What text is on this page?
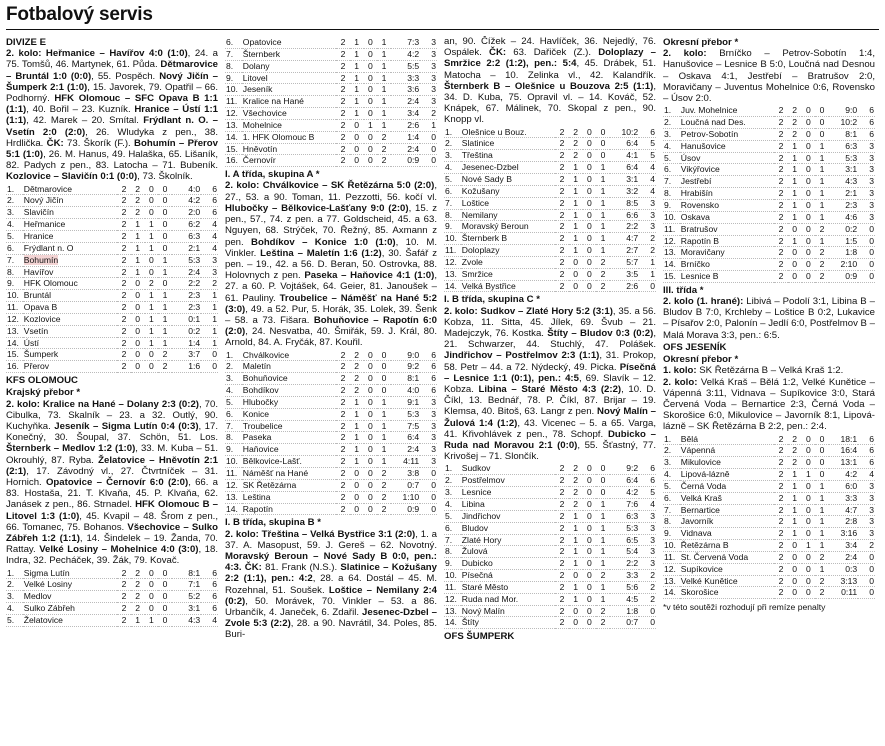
Fotbalový servis

DIVIZE E

2. kolo: Heřmanice – Havířov 4:0 (1:0), 24. a 75. Tomšů, 46. Martynek, 61. Půda. Dětmarovice – Bruntál 1:0 (0:0), 55. Pospěch. Nový Jičín – Šumperk 2:1 (1:0), 15. Javorek, 79. Opatřil – 66. Podhorný. HFK Olomouc – SFC Opava B 1:1 (1:1), 40. Bořil – 23. Kuzník. Hranice – Ústí 1:1 (1:1), 42. Marek – 20. Smítal. Frýdlant n. O. – Vsetín 2:0 (2:0), 26. Wludyka z pen., 38. Hrdlička. ČK: 73. Škorík (F.). Bohumín – Přerov 5:1 (1:0), 26. M. Hanus, 49. Halaška, 65. Lišaník, 82. Padych z pen., 83. Latocha – 71. Bubeník. Kozlovice – Slavičín 0:1 (0:0), 73. Školník.

1.	Dětmarovice	2	2	0	0	4:0	6
2.	Nový Jičín	2	2	0	0	4:2	6
3.	Slavičín	2	2	0	0	2:0	6
4.	Heřmanice	2	1	1	0	6:2	4
5.	Hranice	2	1	1	0	6:3	4
6.	Frýdlant n. O	2	1	1	0	2:1	4
7.	Bohumín	2	1	0	1	5:3	3
8.	Havířov	2	1	0	1	2:4	3
9.	HFK Olomouc	2	0	2	0	2:2	2
10.	Bruntál	2	0	1	1	2:3	1
11.	Opava B	2	0	1	1	2:3	1
12.	Kozlovice	2	0	1	1	0:1	1
13.	Vsetín	2	0	1	1	0:2	1
14.	Ústí	2	0	1	1	1:4	1
15.	Šumperk	2	0	0	2	3:7	0
16.	Přerov	2	0	0	2	1:6	0

KFS OLOMOUC

Krajský přebor *

2. kolo: Kralice na Hané – Dolany 2:3 (0:2), 70. Cibulka, 73. Skalník – 23. a 32. Outlý, 90. Kuchyňka. Jeseník – Sigma Lutín 0:4 (0:3), 17. Konečný, 30. Šoupal, 37. Schön, 51. Los. Šternberk – Medlov 1:2 (1:0), 33. M. Kuba – 51. Okrouhlý, 87. Ryba. Želatovice – Hněvotín 2:1 (2:1), 17. Závodný vl., 27. Čtvrtníček – 31. Hornich. Opatovice – Černovír 6:0 (2:0), 66. a 83. Hostaša, 21. T. Klvaňa, 45. P. Klvaňa, 62. Janásek z pen., 86. Strnadel. HFK Olomouc B – Litovel 1:3 (1:0), 45. Kvapil – 48. Šrom z pen., 66. Tomanec, 75. Bohanos. Všechovice – Sulko Zábřeh 1:2 (1:1), 14. Šindelek – 19. Žanda, 70. Rattay. Velké Losiny – Mohelnice 4:0 (3:0), 18. Indra, 32. Pecháček, 39. Žák, 79. Kovač.

1.	Sigma Lutín	2	2	0	0	8:1	6
2.	Velké Losiny	2	2	0	0	7:1	6
3.	Medlov	2	2	0	0	5:2	6
4.	Sulko Zábřeh	2	2	0	0	3:1	6
5.	Želatovice	2	1	1	0	4:3	4
6.	Opatovice	2	1	0	1	7:3	3
7.	Šternberk	2	1	0	1	4:2	3
8.	Dolany	2	1	0	1	5:5	3
9.	Litovel	2	1	0	1	3:3	3
10.	Jeseník	2	1	0	1	3:6	3
11.	Kralice na Hané	2	1	0	1	2:4	3
12.	Všechovice	2	1	0	1	3:4	2
13.	Mohelnice	2	0	1	1	2:6	1
14.	1. HFK Olomouc B	2	0	0	2	1:4	0
15.	Hněvotín	2	0	0	2	2:4	0
16.	Černovír	2	0	0	2	0:9	0

I. A třída, skupina A *

2. kolo: Chválkovice – SK Řetězárna 5:0 (2:0), 27., 53. a 90. Toman, 11. Pezzotti, 56. kočí vl. Hlubočky – Bělkovice-Lašťany 9:0 (2:0), 15. z pen., 57., 74. z pen. a 77. Goldscheid, 45. a 63. Nguyen, 68. Strýček, 70. Řežný, 85. Axmann z pen. Bohdíkov – Konice 1:0 (1:0), 10. M. Vinkler. Leština – Maletín 1:6 (1:2), 30. Šafář z pen. – 19., 42. a 56. D. Beran, 50. Ostrovka, 88. Holovnych z pen. Paseka – Haňovice 4:1 (1:0), 27. a 60. P. Vojtášek, 64. Geier, 81. Janoušek – 61. Pauliny. Troubelice – Náměšť na Hané 5:2 (3:0), 49. a 52. Pur, 5. Horák, 35. Lolek, 39. Šenk – 58. a 73. Fišara. Bohuňovice – Rapotín 6:0 (2:0), 24. Nesvatba, 40. Šmiřák, 59. J. Král, 80. Arnold, 84. A. Fryčák, 87. Kouřil.

1.	Chválkovice	2	2	0	0	9:0	6
2.	Maletín	2	2	0	0	9:2	6
3.	Bohuňovice	2	2	0	0	8:1	6
4.	Bohdíkov	2	2	0	0	4:0	6
5.	Hlubočky	2	1	0	1	9:1	3
6.	Konice	2	1	0	1	5:3	3
7.	Troubelice	2	1	0	1	7:5	3
8.	Paseka	2	1	0	1	6:4	3
9.	Haňovice	2	1	0	1	2:4	3
10.	Bělkovice-Lašť.	2	1	0	1	4:11	3
11.	Náměšť na Hané	2	0	0	2	3:8	0
12.	SK Řetězárna	2	0	0	2	0:7	0
13.	Leština	2	0	0	2	1:10	0
14.	Rapotín	2	0	0	2	0:9	0

I. B třída, skupina B *

2. kolo: Třeština – Velká Bystřice 3:1 (2:0), 1. a 37. A. Masopust, 59. J. Gereš – 62. Novotný. Moravský Beroun – Nové Sady B 0:0, pen.: 4:3. ČK: 81. Frank (N.S.). Slatinice – Kožušany 2:2 (1:1), pen.: 4:2, 28. a 64. Dostál – 45. M. Rozehnal, 51. Soušek. Loštice – Nemilany 2:4 (0:2), 50. Morávek, 70. Vinkler – 53. a 86. Urbančík, 4. Janeček, 6. Zdařil. Jesenec-Dzbel – Zvole 5:3 (2:2), 28. a 90. Navrátil, 34. Poles, 85. Buri-

an, 90. Čížek – 24. Havlíček, 36. Nejedlý, 76. Ospálek. ČK: 63. Dařiček (Z.). Doloplazy – Smržice 2:2 (1:2), pen.: 5:4, 45. Drábek, 51. Matocha – 10. Zelinka vl., 42. Kalandřík. Šternberk B – Olešnice u Bouzova 2:5 (1:1), 34. D. Kuba, 75. Opravil vl. – 14. Kováč, 52. Knápek, 67. Málinek, 70. Skopal z pen., 90. Knopp vl.

1.	Olešnice u Bouz.	2	2	0	0	10:2	6
2.	Slatinice	2	2	0	0	6:4	5
3.	Třeština	2	2	0	0	4:1	5
4.	Jesenec-Dzbel	2	1	0	1	6:4	4
5.	Nové Sady B	2	1	0	1	3:1	4
6.	Kožušany	2	1	0	1	3:2	4
7.	Loštice	2	1	0	1	8:5	3
8.	Nemilany	2	1	0	1	6:6	3
9.	Moravský Beroun	2	1	0	1	2:2	3
10.	Šternberk B	2	1	0	1	4:7	2
11.	Doloplazy	2	1	0	1	2:7	2
12.	Zvole	2	0	0	2	5:7	1
13.	Smržice	2	0	0	2	3:5	1
14.	Velká Bystřice	2	0	0	2	2:6	0

I. B třída, skupina C *

2. kolo: Sudkov – Zlaté Hory 5:2 (3:1), 35. a 56. Kobza, 11. Sitta, 45. Jílek, 69. Švub – 21. Madejczyk, 76. Kostka. Štíty – Bludov 0:3 (0:2), 21. Schwarzer, 44. Stuchlý, 47. Polášek. Jindřichov – Postřelmov 2:3 (1:1), 31. Prokop, 58. Petr – 44. a 72. Nýdecký, 49. Picka. Písečná – Lesnice 1:1 (0:1), pen.: 4:5, 69. Slavík – 12. Kobza. Libina – Staré Město 4:3 (2:2), 10. D. Číkl, 13. Bednář, 78. P. Číkl, 87. Brijar – 19. Klemsa, 40. Bitoš, 63. Langr z pen. Nový Malín – Žulová 1:4 (1:2), 43. Vicenec – 5. a 65. Varga, 41. Křivohlávek z pen., 78. Schopf. Dubicko – Ruda nad Moravou 2:1 (0:0), 55. Šťastný, 77. Krivošej – 71. Slončík.

1.	Sudkov	2	2	0	0	9:2	6
2.	Postřelmov	2	2	0	0	6:4	6
3.	Lesnice	2	2	0	0	4:2	5
4.	Libina	2	2	0	1	7:6	4
5.	Jindřichov	2	1	0	1	6:3	3
6.	Bludov	2	1	0	1	5:3	3
7.	Zlaté Hory	2	1	0	1	6:5	3
8.	Žulová	2	1	0	1	5:4	3
9.	Dubicko	2	1	0	1	2:2	3
10.	Písečná	2	0	0	2	3:3	2
11.	Staré Město	2	1	0	1	5:6	2
12.	Ruda nad Mor.	2	1	0	1	4:5	2
13.	Nový Malín	2	0	0	2	1:8	0
14.	Štíty	2	0	0	2	0:7	0

OFS ŠUMPERK

Okresní přebor *

2. kolo: Brníčko – Petrov-Sobotín 1:4, Hanušovice – Lesnice B 5:0, Loučná nad Desnou – Oskava 4:1, Jestřebí – Bratrušov 2:0, Moravičany – Juventus Mohelnice 0:6, Rovensko – Úsov 2:0.

1.	Juv. Mohelnice	2	2	0	0	9:0	6
2.	Loučná nad Des.	2	2	0	0	10:2	6
3.	Petrov-Sobotín	2	2	0	0	8:1	6
4.	Hanušovice	2	1	0	1	6:3	3
5.	Úsov	2	1	0	1	5:3	3
6.	Vikýřovice	2	1	0	1	3:1	3
7.	Jestřebí	2	1	0	1	4:3	3
8.	Hrabišín	2	1	0	1	2:1	3
9.	Rovensko	2	1	0	1	2:3	3
10.	Oskava	2	1	0	1	4:6	3
11.	Bratrušov	2	0	0	2	0:2	0
12.	Rapotín B	2	1	0	1	1:5	0
13.	Moravičany	2	0	0	2	1:8	0
14.	Brníčko	2	0	0	2	2:10	0
15.	Lesnice B	2	0	0	2	0:9	0

III. třída *

2. kolo (1. hrané): Libivá – Podolí 3:1, Libina B – Bludov B 7:0, Krchleby – Loštice B 0:2, Lukavice – Písařov 2:0, Palonín – Jedlí 6:0, Postřelmov B – Malá Morava 3:3, pen.: 6:5.

OFS JESENÍK

Okresní přebor *

1. kolo: SK Řetězárna B – Velká Kraš 1:2.

2. kolo: Velká Kraš – Bělá 1:2, Velké Kunětice – Vápenná 3:11, Vidnava – Supíkovice 3:0, Stará Červená Voda – Bernartice 2:3, Černá Voda – Skorošice 6:0, Mikulovice – Javorník 8:1, Lipová-lázně – SK Řetězárna B 2:2, pen.: 2:4.

1.	Bělá	2	2	0	0	18:1	6
2.	Vápenná	2	2	0	0	16:4	6
3.	Mikulovice	2	2	0	0	13:1	6
4.	Lipová-lázně	2	1	1	0	4:2	4
5.	Černá Voda	2	1	0	1	6:0	3
6.	Velká Kraš	2	1	0	1	3:3	3
7.	Bernartice	2	1	0	1	4:7	3
8.	Javorník	2	1	0	1	2:8	3
9.	Vidnava	2	1	0	1	3:16	3
10.	Řetězárna B	2	0	1	1	3:4	2
11.	St. Červená Voda	2	0	0	2	2:4	0
12.	Supíkovice	2	0	0	1	0:3	0
13.	Velké Kunětice	2	0	0	2	3:13	0
14.	Skorošice	2	0	0	2	0:11	0

*v této soutěži rozhodují při remíze penalty
